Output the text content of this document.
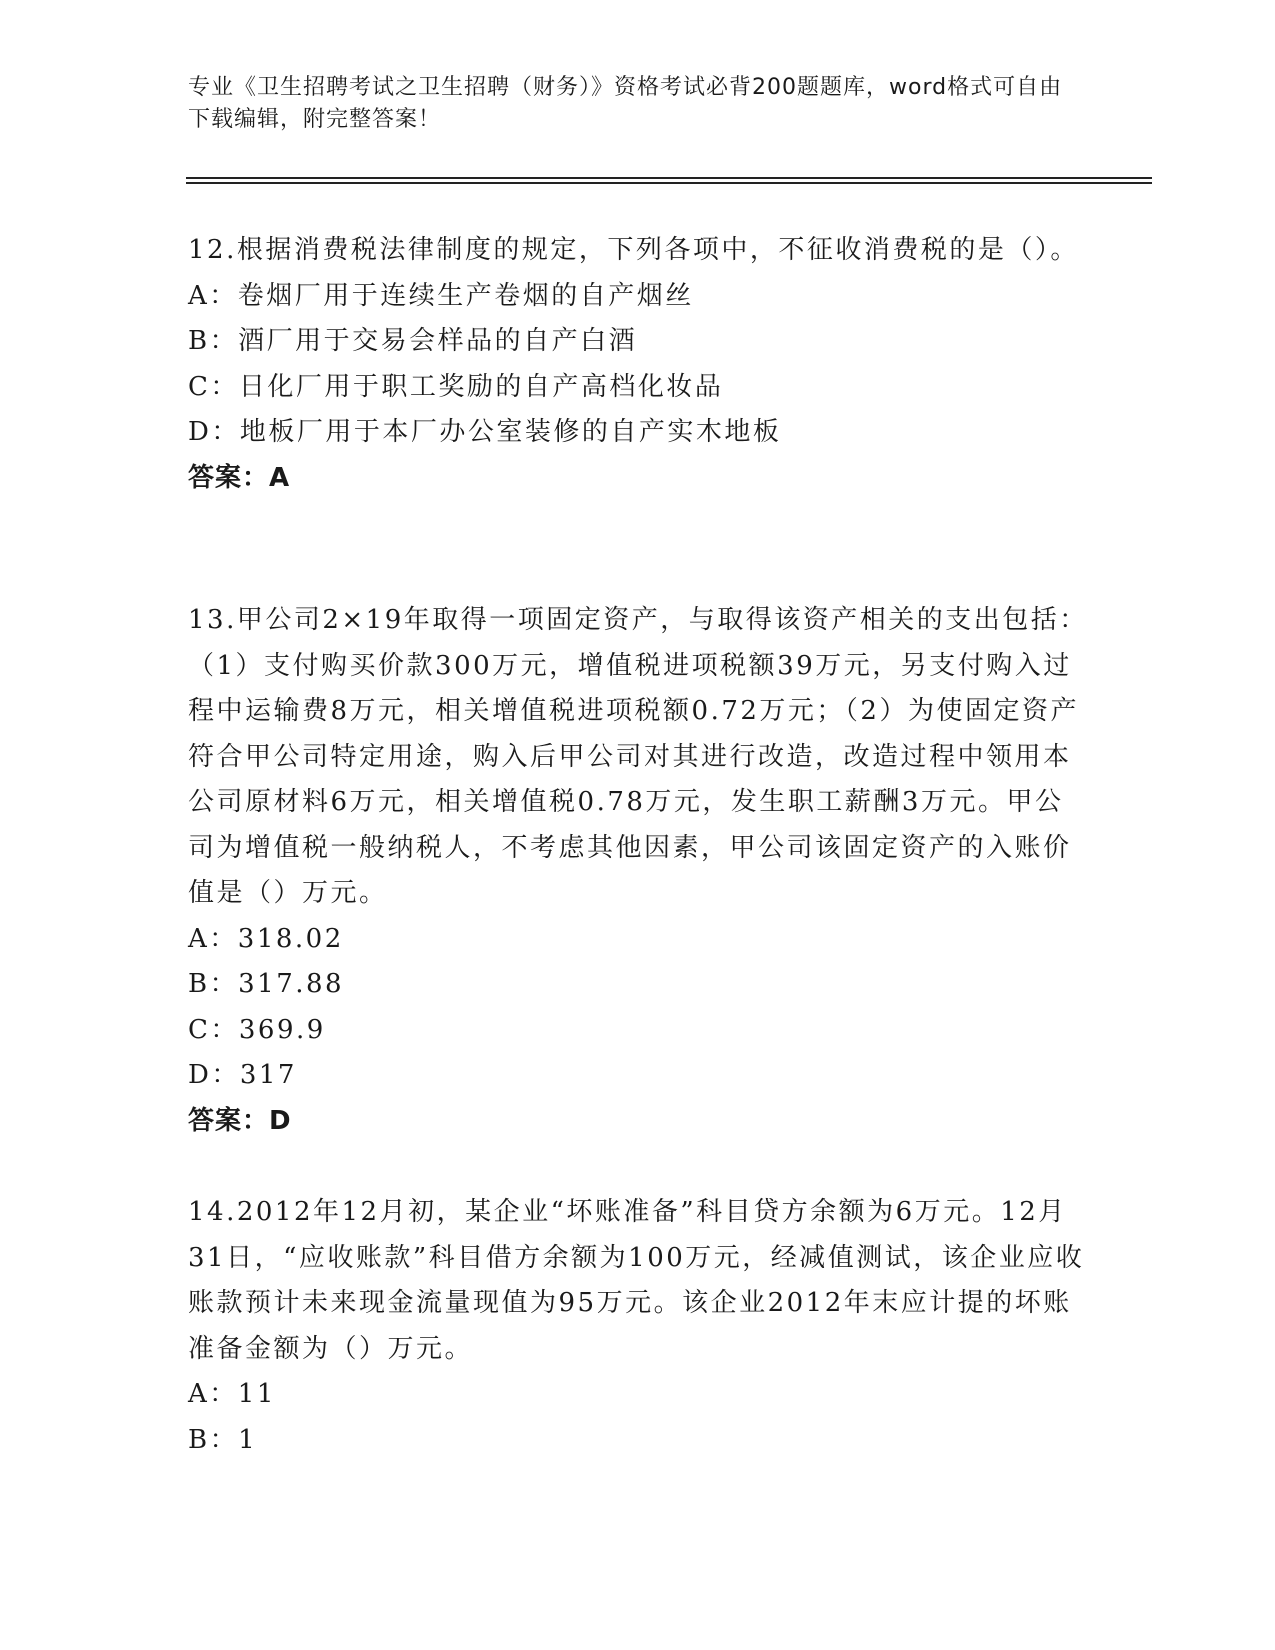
专业《卫生招聘考试之卫生招聘（财务）》资格考试必背200题题库，word格式可自由下载编辑，附完整答案！
12.根据消费税法律制度的规定，下列各项中，不征收消费税的是（）。
A：卷烟厂用于连续生产卷烟的自产烟丝
B：酒厂用于交易会样品的自产白酒
C：日化厂用于职工奖励的自产高档化妆品
D：地板厂用于本厂办公室装修的自产实木地板
答案：A
13.甲公司2×19年取得一项固定资产，与取得该资产相关的支出包括：（1）支付购买价款300万元，增值税进项税额39万元，另支付购入过程中运输费8万元，相关增值税进项税额0.72万元；（2）为使固定资产符合甲公司特定用途，购入后甲公司对其进行改造，改造过程中领用本公司原材料6万元，相关增值税0.78万元，发生职工薪酬3万元。甲公司为增值税一般纳税人，不考虑其他因素，甲公司该固定资产的入账价值是（）万元。
A：318.02
B：317.88
C：369.9
D：317
答案：D
14.2012年12月初，某企业“坏账准备”科目贷方余额为6万元。12月31日，“应收账款”科目借方余额为100万元，经减值测试，该企业应收账款预计未来现金流量现值为95万元。该企业2012年末应计提的坏账准备金额为（）万元。
A：11
B：1
